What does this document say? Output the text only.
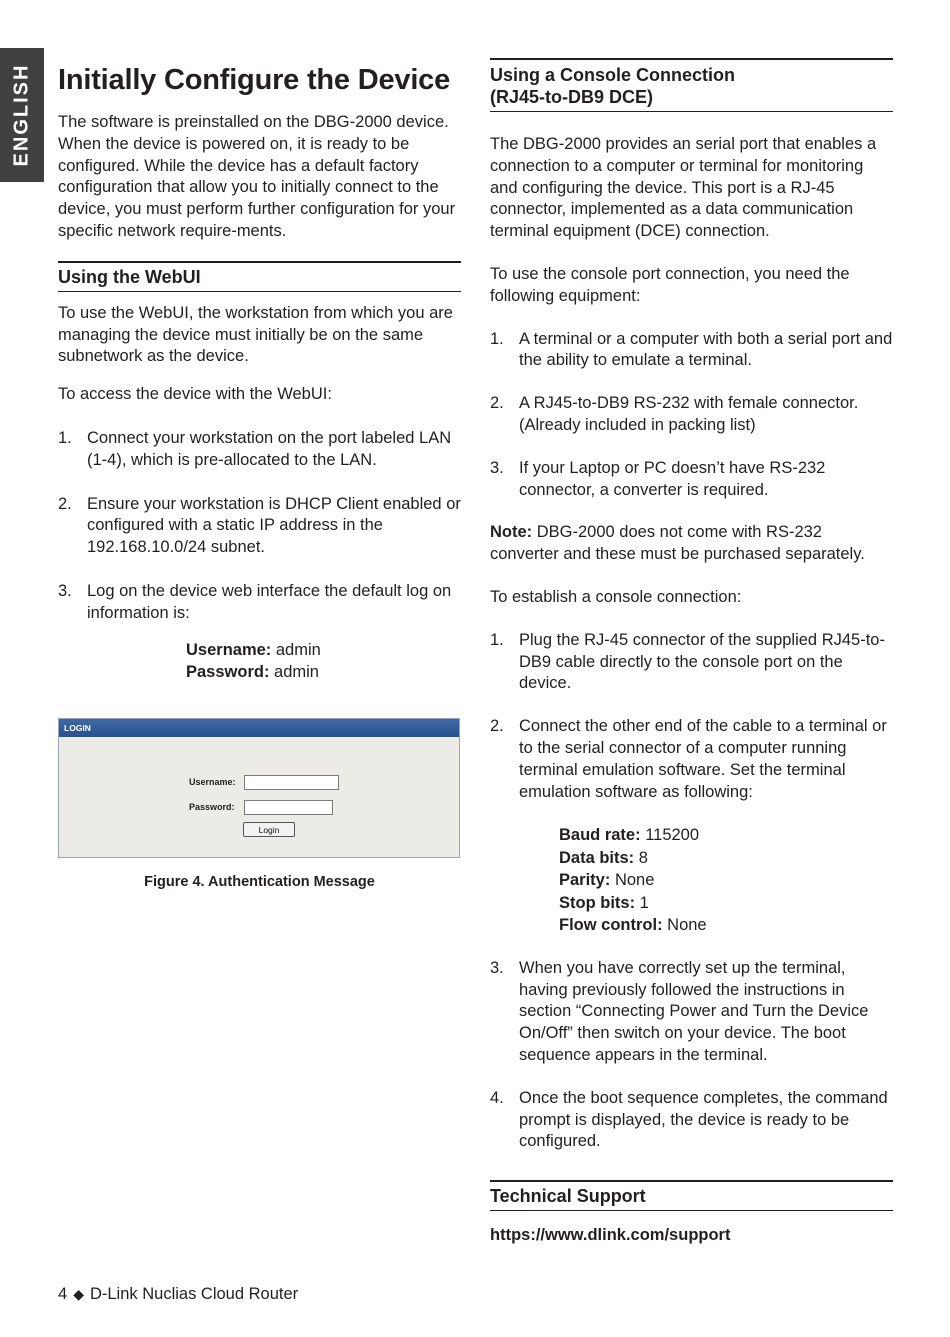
ENGLISH Initially Configure the Device

The software is preinstalled on the DBG-2000 device. When the device is powered on, it is ready to be configured. While the device has a default factory configuration that allow you to initially connect to the device, you must perform further configuration for your specific network require-ments.

Using the WebUI

To use the WebUI, the workstation from which you are managing the device must initially be on the same subnetwork as the device.

To access the device with the WebUI:

1. Connect your workstation on the port labeled LAN (1-4), which is pre-allocated to the LAN.
2. Ensure your workstation is DHCP Client enabled or configured with a static IP address in the 192.168.10.0/24 subnet.
3. Log on the device web interface the default log on information is:
Username: admin
Password: admin
LOGIN
Username:
Password:
Login
Figure 4. Authentication Message
Using a Console Connection
(RJ45-to-DB9 DCE)

The DBG-2000 provides an serial port that enables a connection to a computer or terminal for monitoring and configuring the device. This port is a RJ-45 connector, implemented as a data communication terminal equipment (DCE) connection.

To use the console port connection, you need the following equipment:

1. A terminal or a computer with both a serial port and the ability to emulate a terminal.
2. A RJ45-to-DB9 RS-232 with female connector. (Already included in packing list)
3. If your Laptop or PC doesn’t have RS-232 connector, a converter is required.

Note: DBG-2000 does not come with RS-232 converter and these must be purchased separately.

To establish a console connection:

1. Plug the RJ-45 connector of the supplied RJ45-to-DB9 cable directly to the console port on the device.
2. Connect the other end of the cable to a terminal or to the serial connector of a computer running terminal emulation software. Set the terminal emulation software as following:
Baud rate: 115200
Data bits: 8
Parity: None
Stop bits: 1
Flow control: None
3. When you have correctly set up the terminal, having previously followed the instructions in section “Connecting Power and Turn the Device On/Off” then switch on your device. The boot sequence appears in the terminal.
4. Once the boot sequence completes, the command prompt is displayed, the device is ready to be configured.
Technical Support
https://www.dlink.com/support
4 ◆ D-Link Nuclias Cloud Router
